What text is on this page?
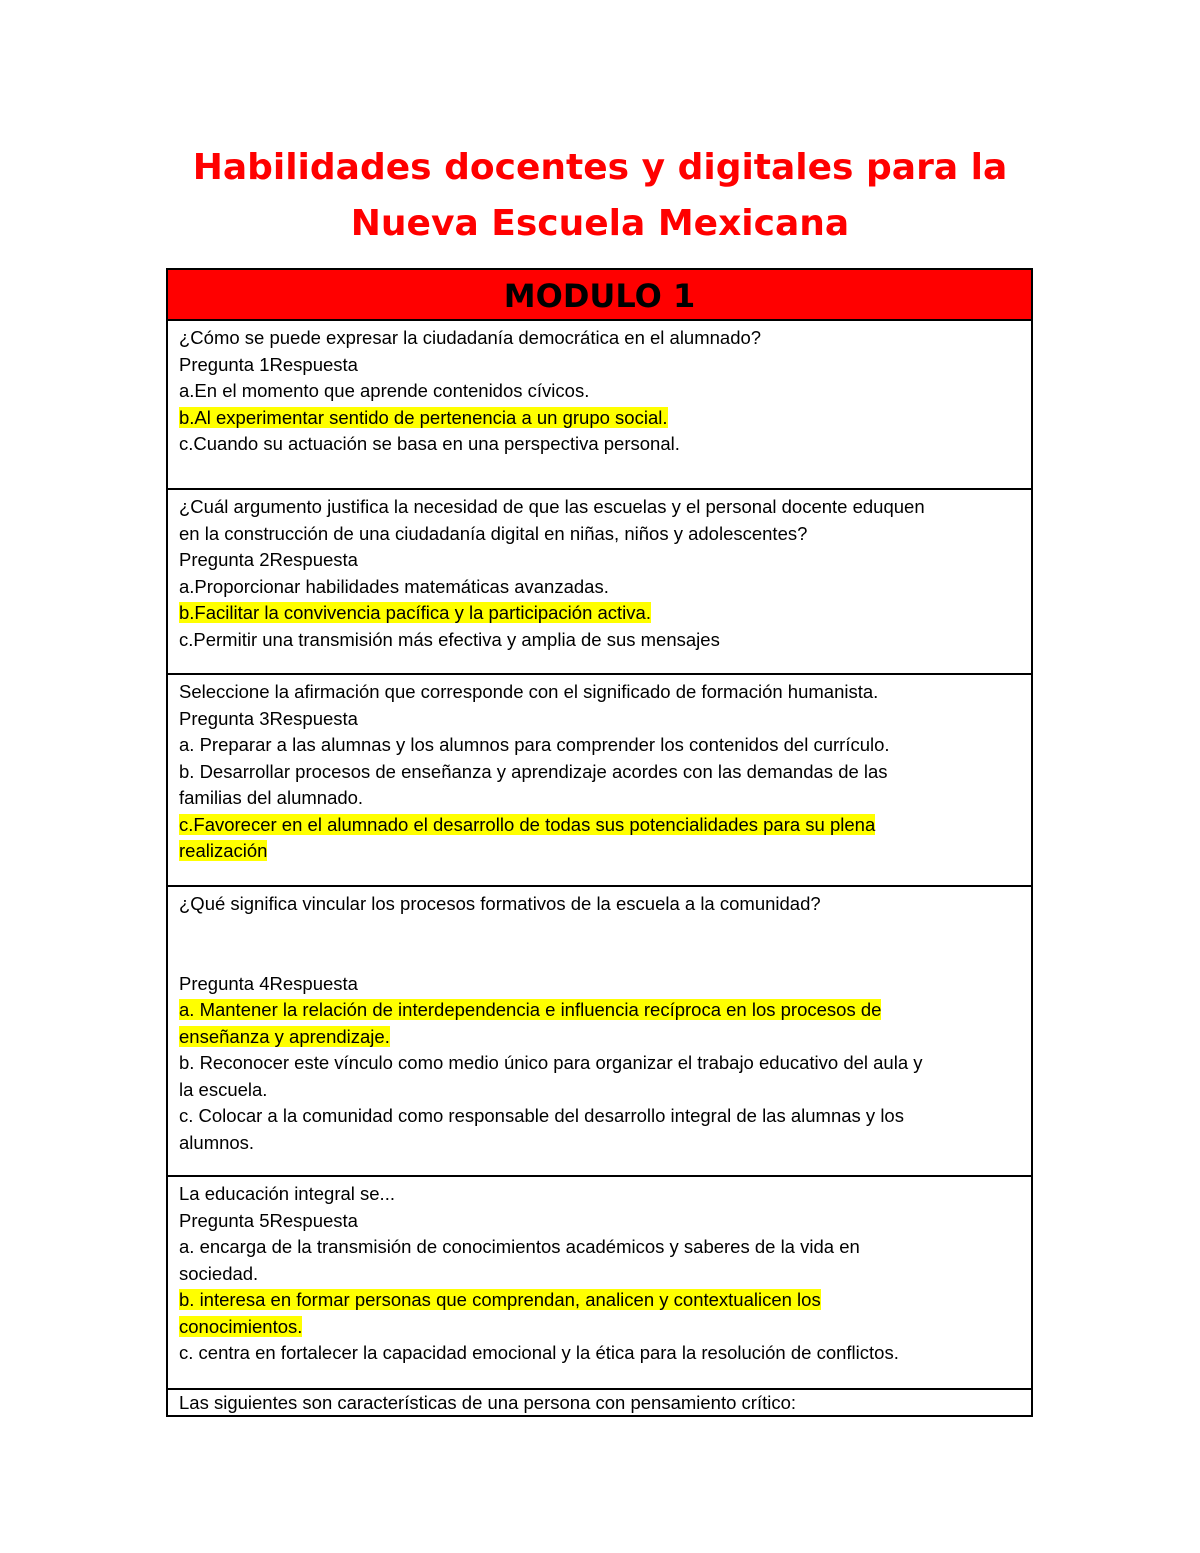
Habilidades docentes y digitales para la
Nueva Escuela Mexicana
MODULO 1
¿Cómo se puede expresar la ciudadanía democrática en el alumnado?
Pregunta 1Respuesta
a.En el momento que aprende contenidos cívicos.
b.Al experimentar sentido de pertenencia a un grupo social.
c.Cuando su actuación se basa en una perspectiva personal.
¿Cuál argumento justifica la necesidad de que las escuelas y el personal docente eduquen
en la construcción de una ciudadanía digital en niñas, niños y adolescentes?
Pregunta 2Respuesta
a.Proporcionar habilidades matemáticas avanzadas.
b.Facilitar la convivencia pacífica y la participación activa.
c.Permitir una transmisión más efectiva y amplia de sus mensajes
Seleccione la afirmación que corresponde con el significado de formación humanista.
Pregunta 3Respuesta
a. Preparar a las alumnas y los alumnos para comprender los contenidos del currículo.
b. Desarrollar procesos de enseñanza y aprendizaje acordes con las demandas de las
familias del alumnado.
c.Favorecer en el alumnado el desarrollo de todas sus potencialidades para su plena
realización
¿Qué significa vincular los procesos formativos de la escuela a la comunidad?
Pregunta 4Respuesta
a. Mantener la relación de interdependencia e influencia recíproca en los procesos de
enseñanza y aprendizaje.
b. Reconocer este vínculo como medio único para organizar el trabajo educativo del aula y
la escuela.
c. Colocar a la comunidad como responsable del desarrollo integral de las alumnas y los
alumnos.
La educación integral se...
Pregunta 5Respuesta
a. encarga de la transmisión de conocimientos académicos y saberes de la vida en
sociedad.
b. interesa en formar personas que comprendan, analicen y contextualicen los
conocimientos.
c. centra en fortalecer la capacidad emocional y la ética para la resolución de conflictos.
Las siguientes son características de una persona con pensamiento crítico:
